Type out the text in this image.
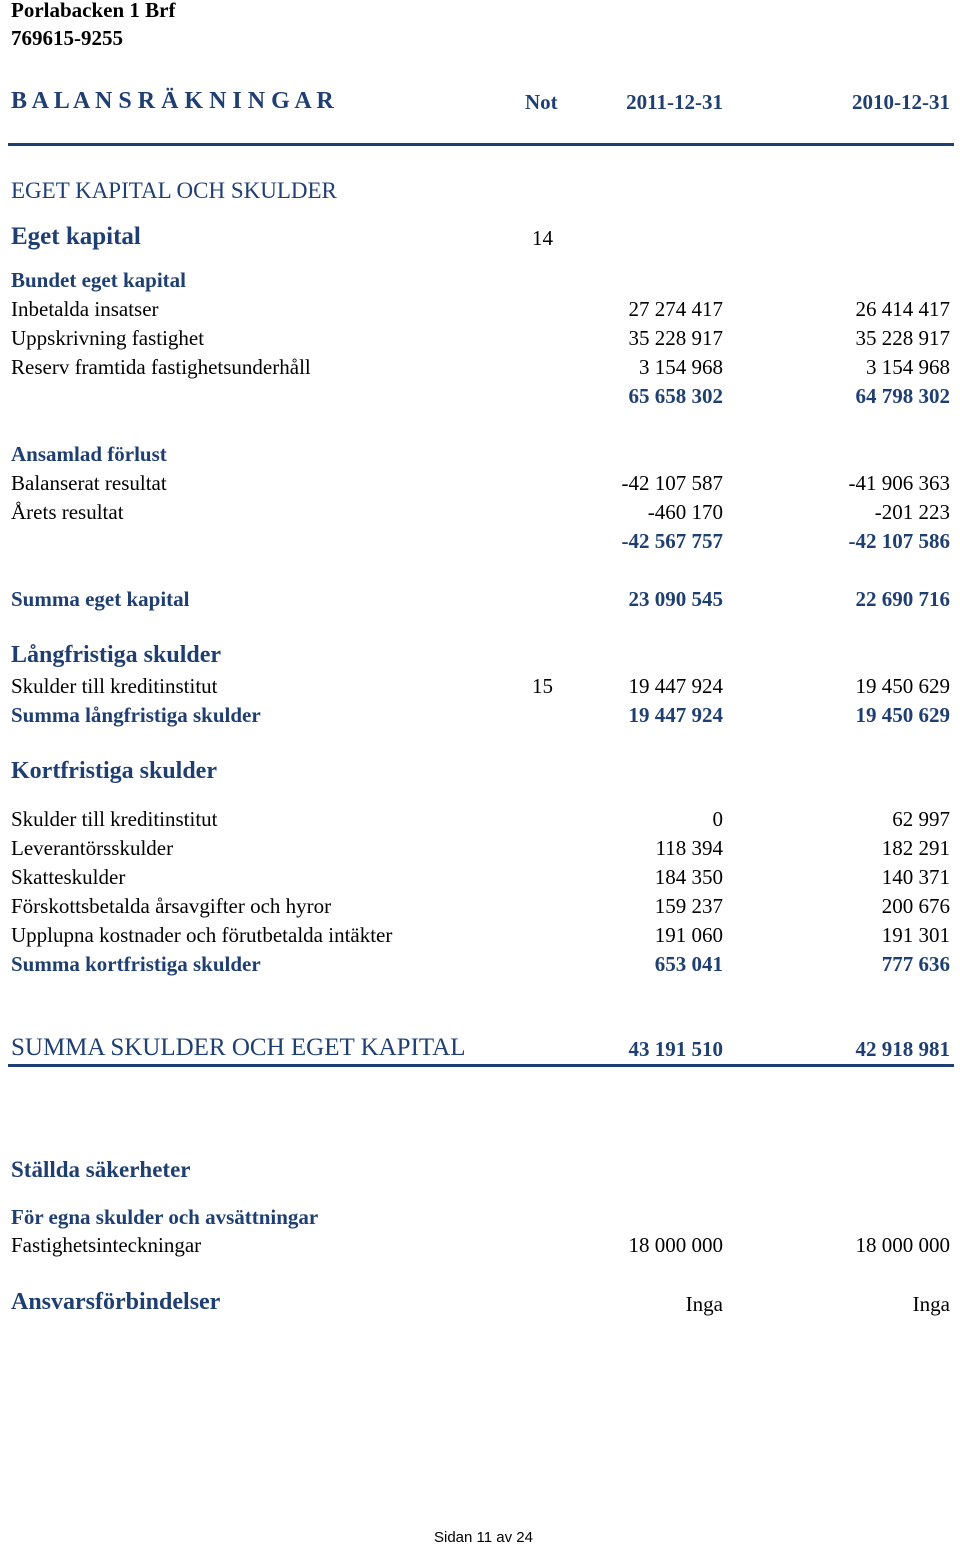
Porlabacken 1 Brf
769615-9255
B A L A N S R Ä K N I N G A R	Not	2011-12-31	2010-12-31
EGET KAPITAL OCH SKULDER
Eget kapital	14
Bundet eget kapital
Inbetalda insatser	27 274 417	26 414 417
Uppskrivning fastighet	35 228 917	35 228 917
Reserv framtida fastighetsunderhåll	3 154 968	3 154 968
65 658 302	64 798 302
Ansamlad förlust
Balanserat resultat	-42 107 587	-41 906 363
Årets resultat	-460 170	-201 223
-42 567 757	-42 107 586
Summa eget kapital	23 090 545	22 690 716
Långfristiga skulder
Skulder till kreditinstitut	15	19 447 924	19 450 629
Summa långfristiga skulder	19 447 924	19 450 629
Kortfristiga skulder
Skulder till kreditinstitut	0	62 997
Leverantörsskulder	118 394	182 291
Skatteskulder	184 350	140 371
Förskottsbetalda årsavgifter och hyror	159 237	200 676
Upplupna kostnader och förutbetalda intäkter	191 060	191 301
Summa kortfristiga skulder	653 041	777 636
SUMMA SKULDER OCH EGET KAPITAL	43 191 510	42 918 981
Ställda säkerheter
För egna skulder och avsättningar
Fastighetsinteckningar	18 000 000	18 000 000
Ansvarsförbindelser	Inga	Inga
Sidan 11 av 24
